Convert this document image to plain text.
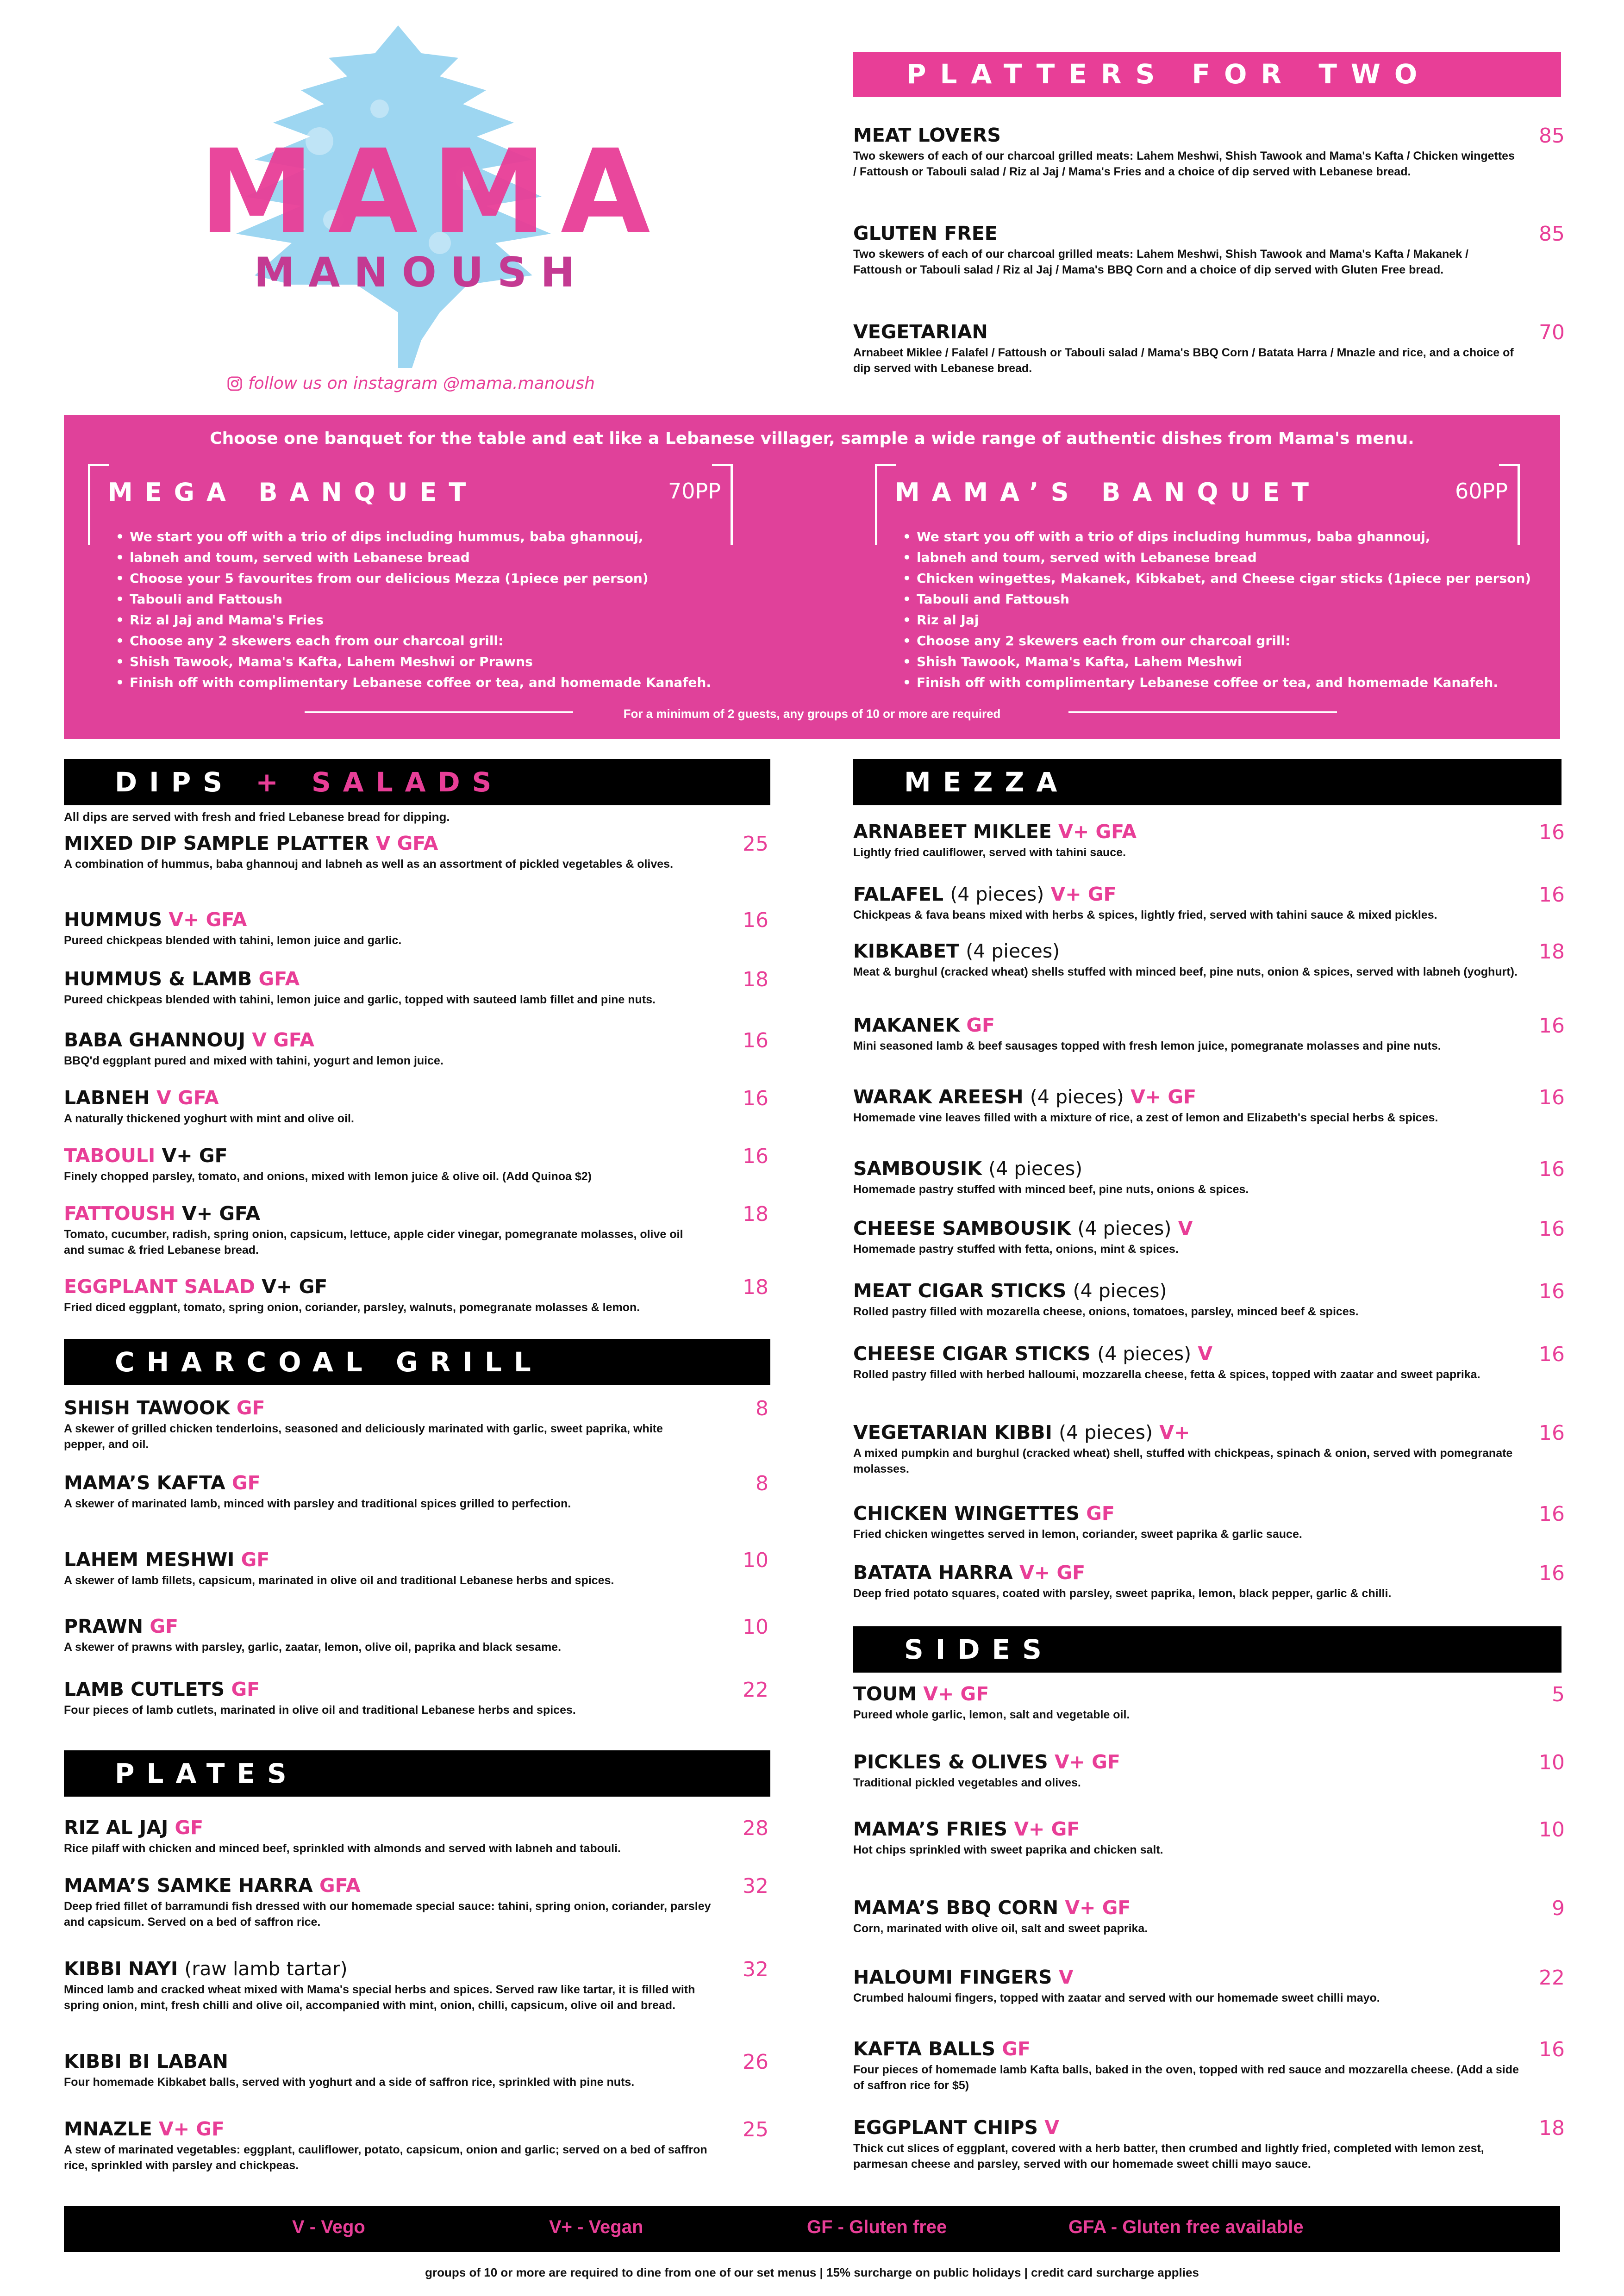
MAMA
MANOUSH
follow us on instagram @mama.manoush
PLATTERS FOR TWO
MEAT LOVERS
Two skewers of each of our charcoal grilled meats: Lahem Meshwi, Shish Tawook and Mama's Kafta / Chicken wingettes / Fattoush or Tabouli salad / Riz al Jaj / Mama's Fries and a choice of dip served with Lebanese bread.
85
GLUTEN FREE
Two skewers of each of our charcoal grilled meats: Lahem Meshwi, Shish Tawook and Mama's Kafta / Makanek / Fattoush or Tabouli salad / Riz al Jaj / Mama's BBQ Corn and a choice of dip served with Gluten Free bread.
85
VEGETARIAN
Arnabeet Miklee / Falafel / Fattoush or Tabouli salad / Mama's BBQ Corn / Batata Harra / Mnazle and rice, and a choice of dip served with Lebanese bread.
70
Choose one banquet for the table and eat like a Lebanese villager, sample a wide range of authentic dishes from Mama's menu.
MEGA BANQUET	70PP
• We start you off with a trio of dips including hummus, baba ghannouj,
• labneh and toum, served with Lebanese bread
• Choose your 5 favourites from our delicious Mezza (1piece per person)
• Tabouli and Fattoush
• Riz al Jaj and Mama's Fries
• Choose any 2 skewers each from our charcoal grill:
• Shish Tawook, Mama's Kafta, Lahem Meshwi or Prawns
• Finish off with complimentary Lebanese coffee or tea, and homemade Kanafeh.
MAMA’S BANQUET	60PP
• We start you off with a trio of dips including hummus, baba ghannouj,
• labneh and toum, served with Lebanese bread
• Chicken wingettes, Makanek, Kibkabet, and Cheese cigar sticks (1piece per person)
• Tabouli and Fattoush
• Riz al Jaj
• Choose any 2 skewers each from our charcoal grill:
• Shish Tawook, Mama's Kafta, Lahem Meshwi
• Finish off with complimentary Lebanese coffee or tea, and homemade Kanafeh.
For a minimum of 2 guests, any groups of 10 or more are required
DIPS + SALADS
All dips are served with fresh and fried Lebanese bread for dipping.
CHARCOAL GRILL
PLATES
MEZZA
SIDES
V - Vego	V+ - Vegan	GF - Gluten free	GFA - Gluten free available
groups of 10 or more are required to dine from one of our set menus | 15% surcharge on public holidays | credit card surcharge applies
MIXED DIP SAMPLE PLATTER V GFA
A combination of hummus, baba ghannouj and labneh as well as an assortment of pickled vegetables & olives.
25
HUMMUS V+ GFA
Pureed chickpeas blended with tahini, lemon juice and garlic.
16
HUMMUS & LAMB GFA
Pureed chickpeas blended with tahini, lemon juice and garlic, topped with sauteed lamb fillet and pine nuts.
18
BABA GHANNOUJ V GFA
BBQ'd eggplant pured and mixed with tahini, yogurt and lemon juice.
16
LABNEH V GFA
A naturally thickened yoghurt with mint and olive oil.
16
TABOULI V+ GF
Finely chopped parsley, tomato, and onions, mixed with lemon juice & olive oil. (Add Quinoa $2)
16
FATTOUSH V+ GFA
Tomato, cucumber, radish, spring onion, capsicum, lettuce, apple cider vinegar, pomegranate molasses, olive oil and sumac & fried Lebanese bread.
18
EGGPLANT SALAD V+ GF
Fried diced eggplant, tomato, spring onion, coriander, parsley, walnuts, pomegranate molasses & lemon.
18
SHISH TAWOOK GF
A skewer of grilled chicken tenderloins, seasoned and deliciously marinated with garlic, sweet paprika, white pepper, and oil.
8
MAMA’S KAFTA GF
A skewer of marinated lamb, minced with parsley and traditional spices grilled to perfection.
8
LAHEM MESHWI GF
A skewer of lamb fillets, capsicum, marinated in olive oil and traditional Lebanese herbs and spices.
10
PRAWN GF
A skewer of prawns with parsley, garlic, zaatar, lemon, olive oil, paprika and black sesame.
10
LAMB CUTLETS GF
Four pieces of lamb cutlets, marinated in olive oil and traditional Lebanese herbs and spices.
22
RIZ AL JAJ GF
Rice pilaff with chicken and minced beef, sprinkled with almonds and served with labneh and tabouli.
28
MAMA’S SAMKE HARRA GFA
Deep fried fillet of barramundi fish dressed with our homemade special sauce: tahini, spring onion, coriander, parsley and capsicum. Served on a bed of saffron rice.
32
KIBBI NAYI (raw lamb tartar)
Minced lamb and cracked wheat mixed with Mama's special herbs and spices. Served raw like tartar, it is filled with spring onion, mint, fresh chilli and olive oil, accompanied with mint, onion, chilli, capsicum, olive oil and bread.
32
KIBBI BI LABAN
Four homemade Kibkabet balls, served with yoghurt and a side of saffron rice, sprinkled with pine nuts.
26
MNAZLE V+ GF
A stew of marinated vegetables: eggplant, cauliflower, potato, capsicum, onion and garlic; served on a bed of saffron rice, sprinkled with parsley and chickpeas.
25
ARNABEET MIKLEE V+ GFA
Lightly fried cauliflower, served with tahini sauce.
16
FALAFEL (4 pieces) V+ GF
Chickpeas & fava beans mixed with herbs & spices, lightly fried, served with tahini sauce & mixed pickles.
16
KIBKABET (4 pieces)
Meat & burghul (cracked wheat) shells stuffed with minced beef, pine nuts, onion & spices, served with labneh (yoghurt).
18
MAKANEK GF
Mini seasoned lamb & beef sausages topped with fresh lemon juice, pomegranate molasses and pine nuts.
16
WARAK AREESH (4 pieces) V+ GF
Homemade vine leaves filled with a mixture of rice, a zest of lemon and Elizabeth's special herbs & spices.
16
SAMBOUSIK (4 pieces)
Homemade pastry stuffed with minced beef, pine nuts, onions & spices.
16
CHEESE SAMBOUSIK (4 pieces) V
Homemade pastry stuffed with fetta, onions, mint & spices.
16
MEAT CIGAR STICKS (4 pieces)
Rolled pastry filled with mozarella cheese, onions, tomatoes, parsley, minced beef & spices.
16
CHEESE CIGAR STICKS (4 pieces) V
Rolled pastry filled with herbed halloumi, mozzarella cheese, fetta & spices, topped with zaatar and sweet paprika.
16
VEGETARIAN KIBBI (4 pieces) V+
A mixed pumpkin and burghul (cracked wheat) shell, stuffed with chickpeas, spinach & onion, served with pomegranate molasses.
16
CHICKEN WINGETTES GF
Fried chicken wingettes served in lemon, coriander, sweet paprika & garlic sauce.
16
BATATA HARRA V+ GF
Deep fried potato squares, coated with parsley, sweet paprika, lemon, black pepper, garlic & chilli.
16
TOUM V+ GF
Pureed whole garlic, lemon, salt and vegetable oil.
5
PICKLES & OLIVES V+ GF
Traditional pickled vegetables and olives.
10
MAMA’S FRIES V+ GF
Hot chips sprinkled with sweet paprika and chicken salt.
10
MAMA’S BBQ CORN V+ GF
Corn, marinated with olive oil, salt and sweet paprika.
9
HALOUMI FINGERS V
Crumbed haloumi fingers, topped with zaatar and served with our homemade sweet chilli mayo.
22
KAFTA BALLS GF
Four pieces of homemade lamb Kafta balls, baked in the oven, topped with red sauce and mozzarella cheese. (Add a side of saffron rice for $5)
16
EGGPLANT CHIPS V
Thick cut slices of eggplant, covered with a herb batter, then crumbed and lightly fried, completed with lemon zest, parmesan cheese and parsley, served with our homemade sweet chilli mayo sauce.
18
